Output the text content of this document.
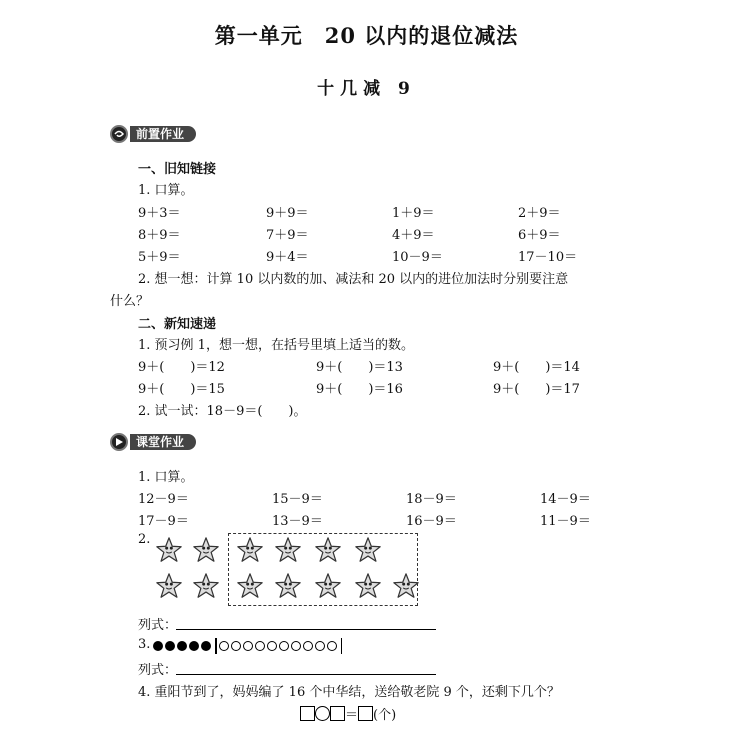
第一单元　20 以内的退位减法
十几减 9
前置作业
一、旧知链接
1. 口算。
9＋3＝	9＋9＝	1＋9＝	2＋9＝
8＋9＝	7＋9＝	4＋9＝	6＋9＝
5＋9＝	9＋4＝	10－9＝	17－10＝
2. 想一想：计算 10 以内数的加、减法和 20 以内的进位加法时分别要注意
什么？
二、新知速递
1. 预习例 1，想一想，在括号里填上适当的数。
9＋(　　)＝12	9＋(　　)＝13	9＋(　　)＝14
9＋(　　)＝15	9＋(　　)＝16	9＋(　　)＝17
2. 试一试：18－9＝(　　)。
课堂作业
1. 口算。
12－9＝	15－9＝	18－9＝	14－9＝
17－9＝	13－9＝	16－9＝	11－9＝
2.
列式：
3.
列式：
4. 重阳节到了，妈妈编了 16 个中华结，送给敬老院 9 个，还剩下几个？
＝ (个)
